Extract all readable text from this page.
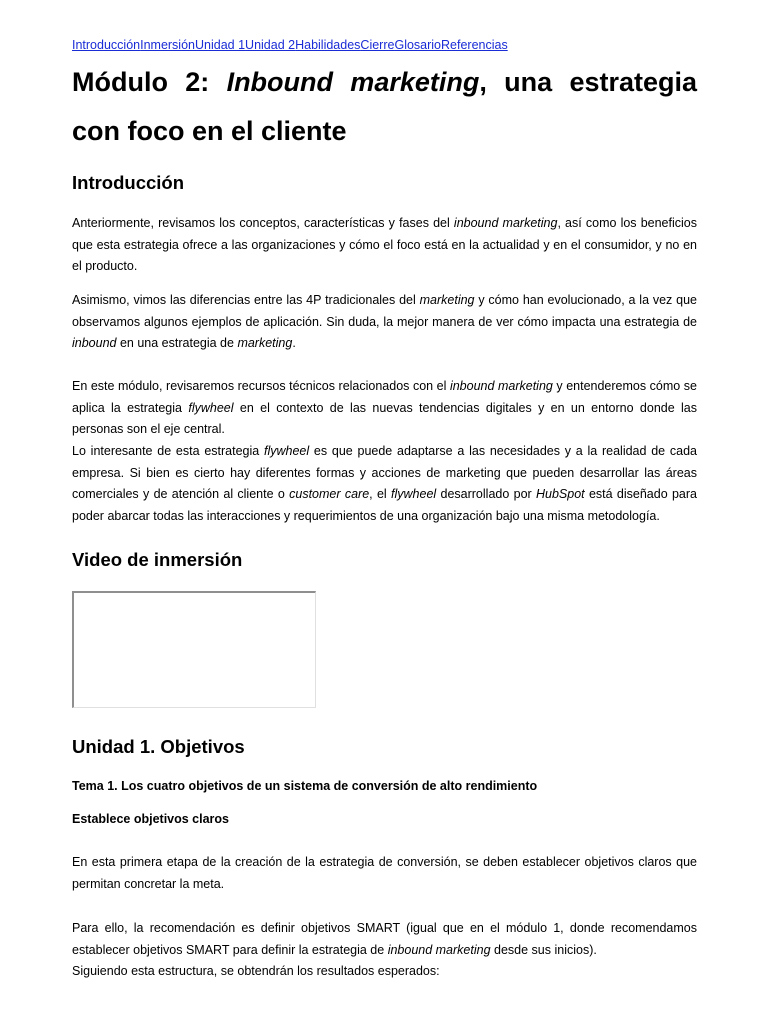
IntroducciónInmersiónUnidad 1Unidad 2HabilidadesCierreGlosarioReferencias
Módulo 2: Inbound marketing, una estrategia con foco en el cliente
Introducción

Anteriormente, revisamos los conceptos, características y fases del inbound marketing, así como los beneficios que esta estrategia ofrece a las organizaciones y cómo el foco está en la actualidad y en el consumidor, y no en el producto.

Asimismo, vimos las diferencias entre las 4P tradicionales del marketing y cómo han evolucionado, a la vez que observamos algunos ejemplos de aplicación. Sin duda, la mejor manera de ver cómo impacta una estrategia de inbound en una estrategia de marketing.

En este módulo, revisaremos recursos técnicos relacionados con el inbound marketing y entenderemos cómo se aplica la estrategia flywheel en el contexto de las nuevas tendencias digitales y en un entorno donde las personas son el eje central.

Lo interesante de esta estrategia flywheel es que puede adaptarse a las necesidades y a la realidad de cada empresa. Si bien es cierto hay diferentes formas y acciones de marketing que pueden desarrollar las áreas comerciales y de atención al cliente o customer care, el flywheel desarrollado por HubSpot está diseñado para poder abarcar todas las interacciones y requerimientos de una organización bajo una misma metodología.

Video de inmersión
Unidad 1. Objetivos

Tema 1. Los cuatro objetivos de un sistema de conversión de alto rendimiento

Establece objetivos claros

En esta primera etapa de la creación de la estrategia de conversión, se deben establecer objetivos claros que permitan concretar la meta.

Para ello, la recomendación es definir objetivos SMART (igual que en el módulo 1, donde recomendamos establecer objetivos SMART para definir la estrategia de inbound marketing desde sus inicios).

Siguiendo esta estructura, se obtendrán los resultados esperados:
